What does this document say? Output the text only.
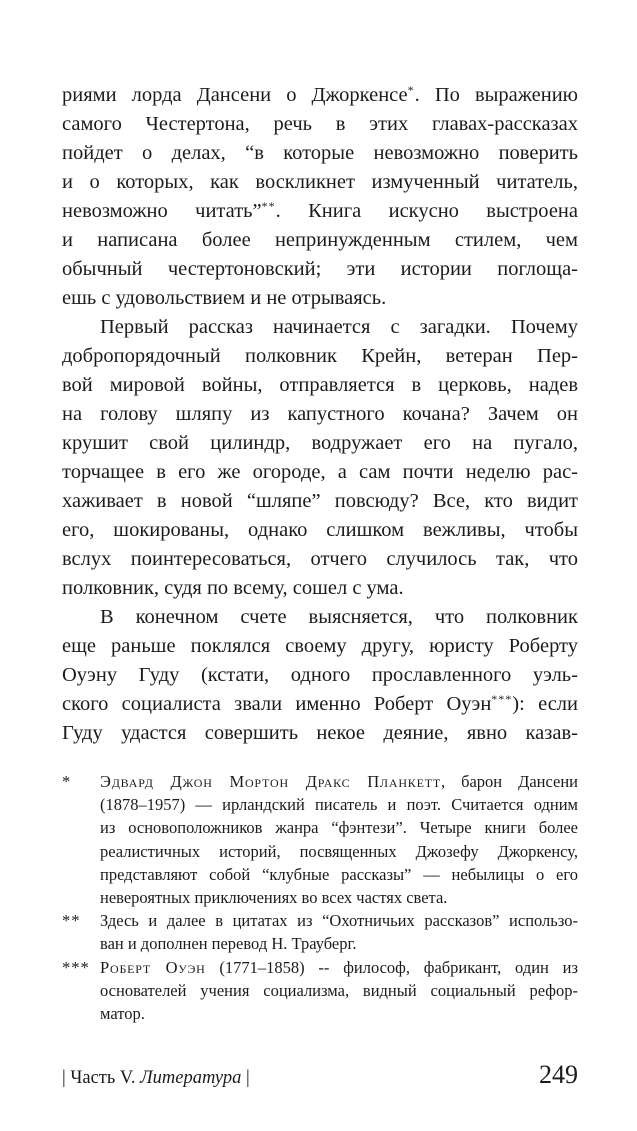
риями лорда Дансени о Джоркенсе*. По выражению
самого Честертона, речь в этих главах-рассказах
пойдет о делах, “в которые невозможно поверить
и о которых, как воскликнет измученный читатель,
невозможно читать”**. Книга искусно выстроена
и написана более непринужденным стилем, чем
обычный честертоновский; эти истории поглоща-
ешь с удовольствием и не отрываясь.
Первый рассказ начинается с загадки. Почему
добропорядочный полковник Крейн, ветеран Пер-
вой мировой войны, отправляется в церковь, надев
на голову шляпу из капустного кочана? Зачем он
крушит свой цилиндр, водружает его на пугало,
торчащее в его же огороде, а сам почти неделю рас-
хаживает в новой “шляпе” повсюду? Все, кто видит
его, шокированы, однако слишком вежливы, чтобы
вслух поинтересоваться, отчего случилось так, что
полковник, судя по всему, сошел с ума.
В конечном счете выясняется, что полковник
еще раньше поклялся своему другу, юристу Роберту
Оуэну Гуду (кстати, одного прославленного уэль-
ского социалиста звали именно Роберт Оуэн***): если
Гуду удастся совершить некое деяние, явно казав-
* Эдвард Джон Мортон Дракс Планкетт, барон Дансени
(1878–1957) — ирландский писатель и поэт. Считается одним
из основоположников жанра “фэнтези”. Четыре книги более
реалистичных историй, посвященных Джозефу Джоркенсу,
представляют собой “клубные рассказы” — небылицы о его
невероятных приключениях во всех частях света.
** Здесь и далее в цитатах из “Охотничьих рассказов” использо-
ван и дополнен перевод Н. Трауберг.
*** Роберт Оуэн (1771–1858) -- философ, фабрикант, один из
основателей учения социализма, видный социальный рефор-
матор.
| Часть V. Литература |	249
